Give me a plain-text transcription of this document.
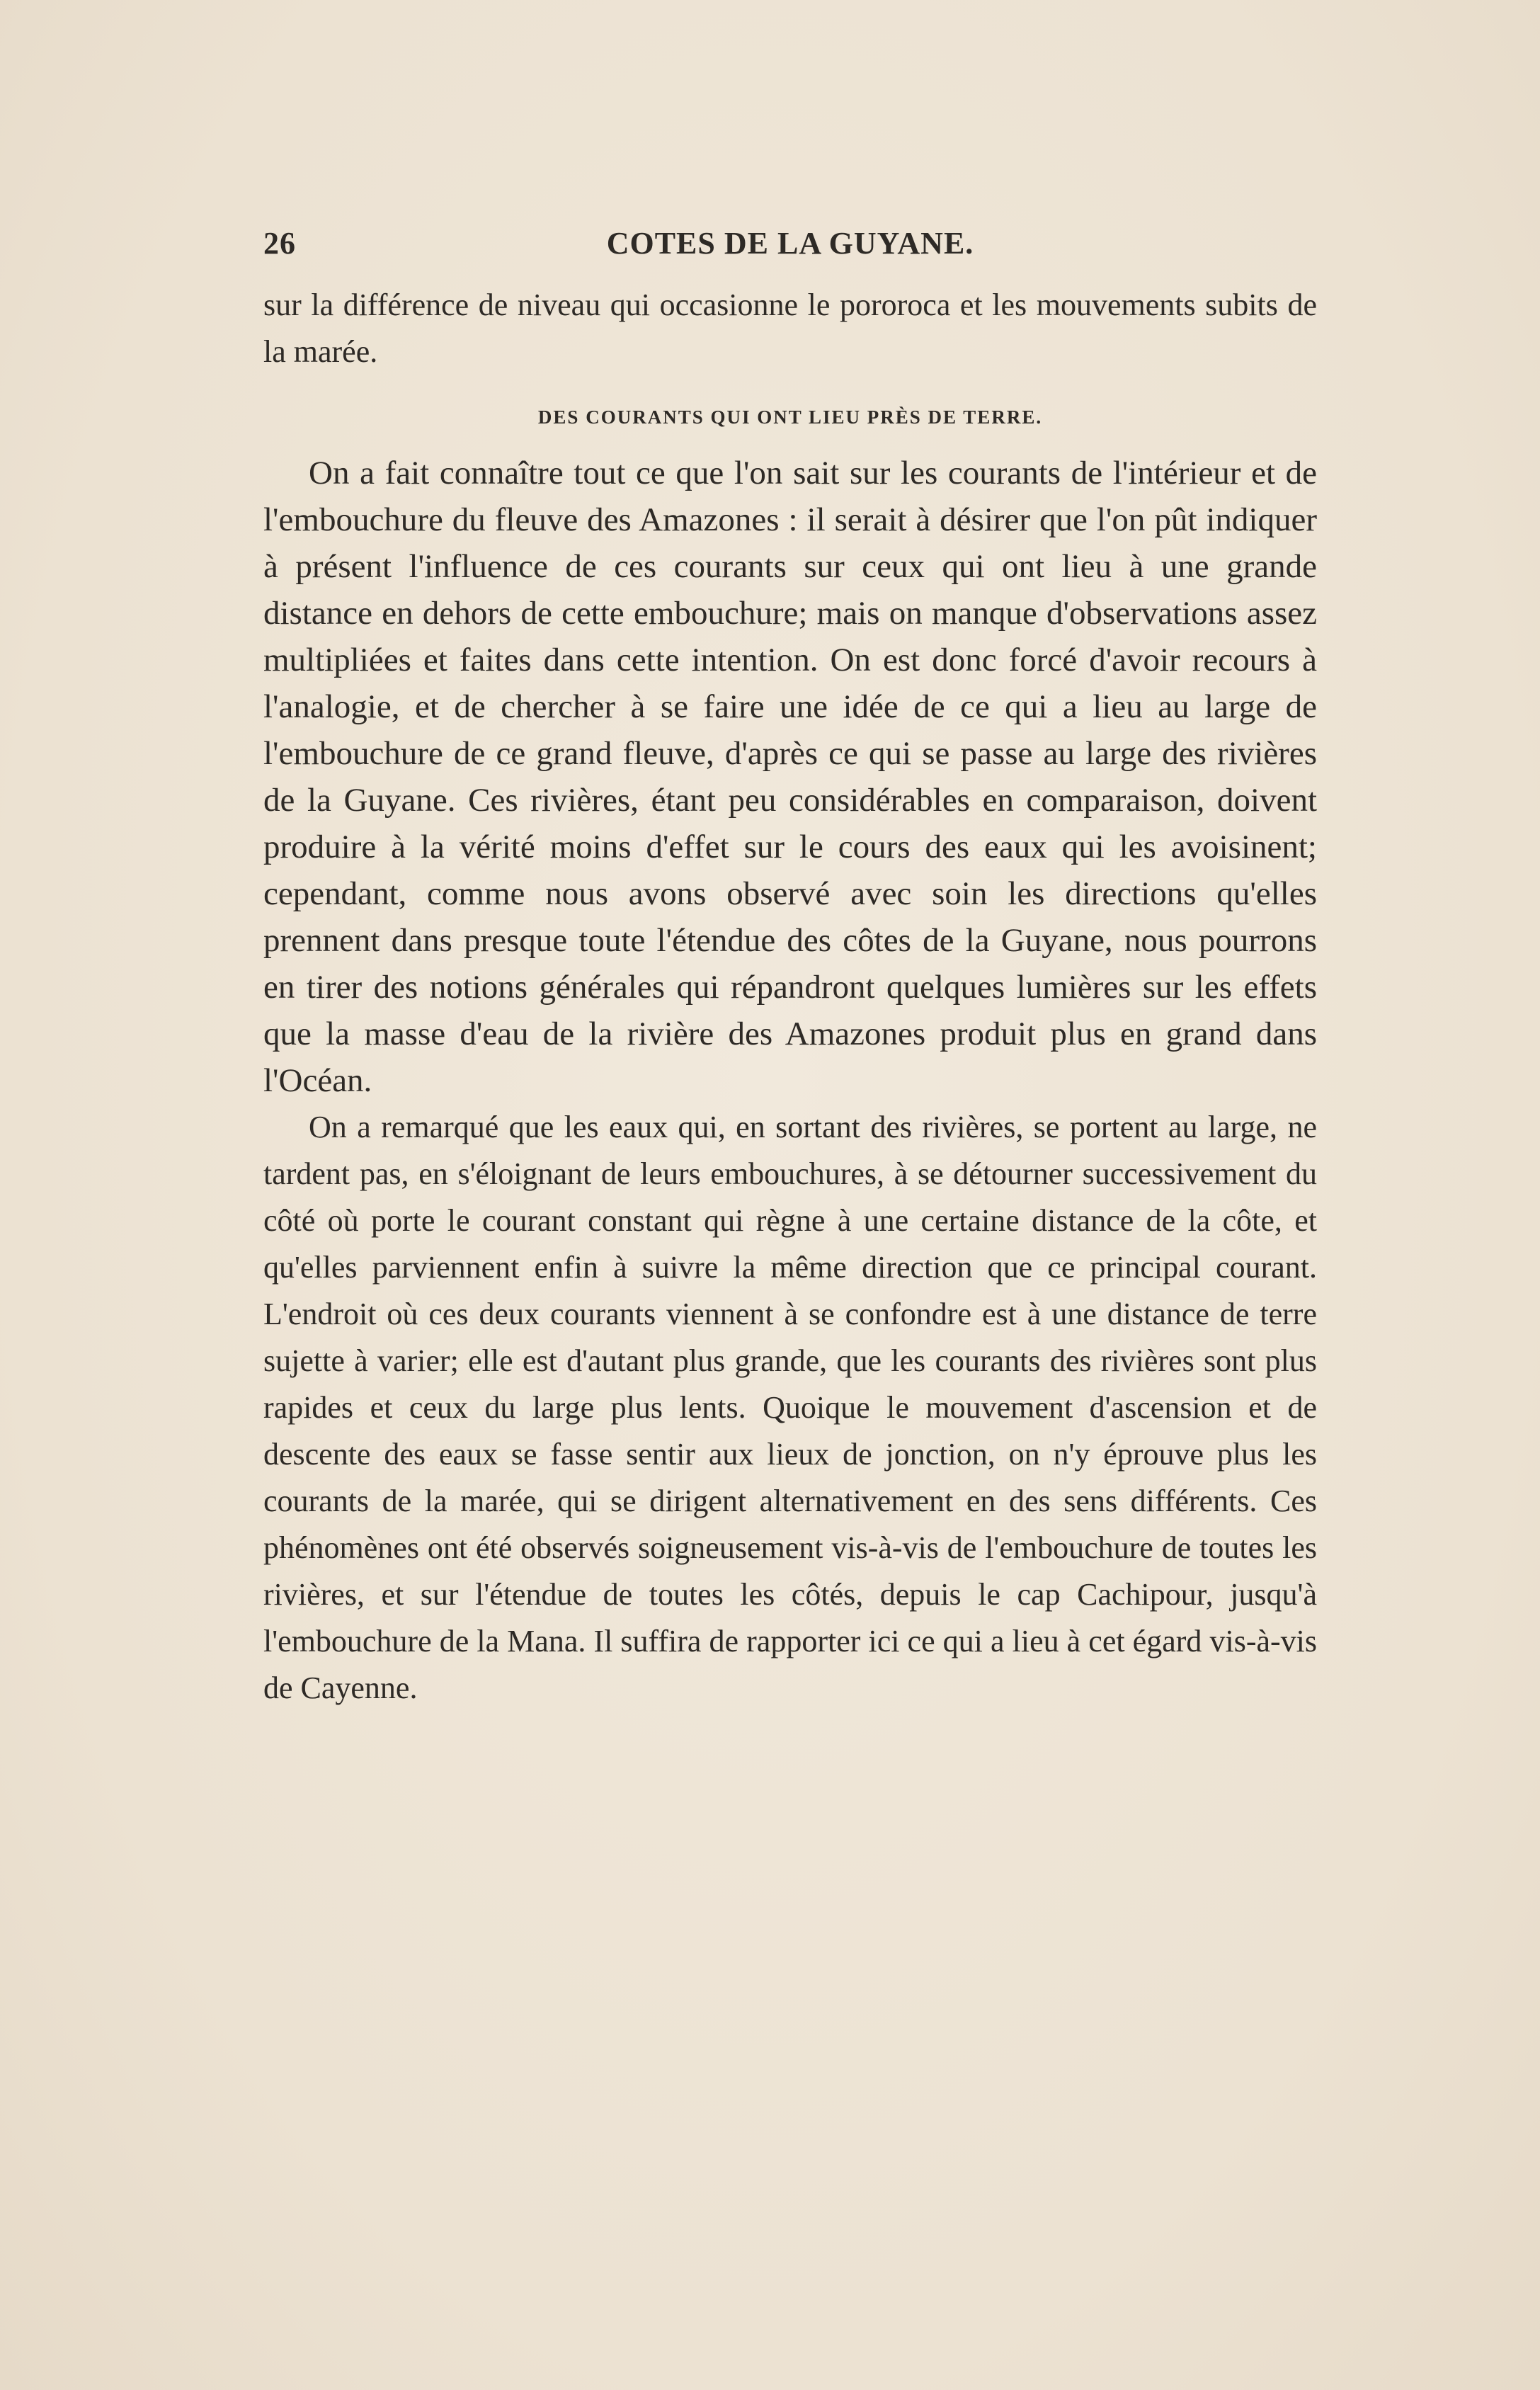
26	COTES DE LA GUYANE.

sur la différence de niveau qui occasionne le pororoca et les mouvements subits de la marée.

DES COURANTS QUI ONT LIEU PRÈS DE TERRE.

On a fait connaître tout ce que l'on sait sur les courants de l'intérieur et de l'embouchure du fleuve des Amazones : il serait à désirer que l'on pût indiquer à présent l'influence de ces courants sur ceux qui ont lieu à une grande distance en dehors de cette embouchure; mais on manque d'observations assez multipliées et faites dans cette intention. On est donc forcé d'avoir recours à l'analogie, et de chercher à se faire une idée de ce qui a lieu au large de l'embouchure de ce grand fleuve, d'après ce qui se passe au large des rivières de la Guyane. Ces rivières, étant peu considérables en comparaison, doivent produire à la vérité moins d'effet sur le cours des eaux qui les avoisinent; cependant, comme nous avons observé avec soin les directions qu'elles prennent dans presque toute l'étendue des côtes de la Guyane, nous pourrons en tirer des notions générales qui répandront quelques lumières sur les effets que la masse d'eau de la rivière des Amazones produit plus en grand dans l'Océan.

On a remarqué que les eaux qui, en sortant des rivières, se portent au large, ne tardent pas, en s'éloignant de leurs embouchures, à se détourner successivement du côté où porte le courant constant qui règne à une certaine distance de la côte, et qu'elles parviennent enfin à suivre la même direction que ce principal courant. L'endroit où ces deux courants viennent à se confondre est à une distance de terre sujette à varier; elle est d'autant plus grande, que les courants des rivières sont plus rapides et ceux du large plus lents. Quoique le mouvement d'ascension et de descente des eaux se fasse sentir aux lieux de jonction, on n'y éprouve plus les courants de la marée, qui se dirigent alternativement en des sens différents. Ces phénomènes ont été observés soigneusement vis-à-vis de l'embouchure de toutes les rivières, et sur l'étendue de toutes les côtés, depuis le cap Cachipour, jusqu'à l'embouchure de la Mana. Il suffira de rapporter ici ce qui a lieu à cet égard vis-à-vis de Cayenne.
